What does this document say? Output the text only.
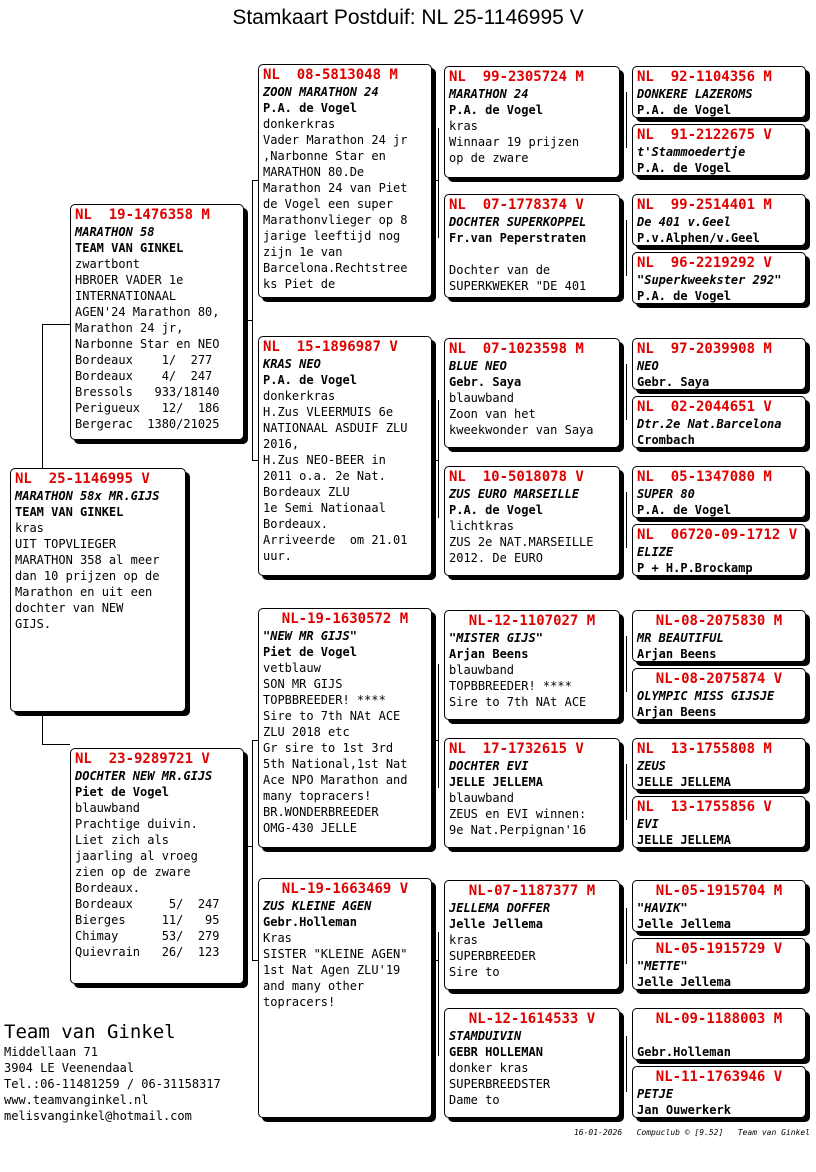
Stamkaart Postduif: NL 25-1146995 V
NL  25-1146995 V
MARATHON 58x MR.GIJS
TEAM VAN GINKEL
kras
UIT TOPVLIEGER
MARATHON 358 al meer
dan 10 prijzen op de
Marathon en uit een
dochter van NEW
GIJS.
NL  19-1476358 M
MARATHON 58
TEAM VAN GINKEL
zwartbont
HBROER VADER 1e
INTERNATIONAAL
AGEN'24 Marathon 80,
Marathon 24 jr,
Narbonne Star en NEO
Bordeaux    1/  277
Bordeaux    4/  247
Bressols   933/18140
Perigueux   12/  186
Bergerac  1380/21025
NL  23-9289721 V
DOCHTER NEW MR.GIJS
Piet de Vogel
blauwband
Prachtige duivin.
Liet zich als
jaarling al vroeg
zien op de zware
Bordeaux.
Bordeaux     5/  247
Bierges     11/   95
Chimay      53/  279
Quievrain   26/  123
NL  08-5813048 M
ZOON MARATHON 24
P.A. de Vogel
donkerkras
Vader Marathon 24 jr
,Narbonne Star en
MARATHON 80.De
Marathon 24 van Piet
de Vogel een super
Marathonvlieger op 8
jarige leeftijd nog
zijn 1e van
Barcelona.Rechtstree
ks Piet de
NL  15-1896987 V
KRAS NEO
P.A. de Vogel
donkerkras
H.Zus VLEERMUIS 6e
NATIONAAL ASDUIF ZLU
2016,
H.Zus NEO-BEER in
2011 o.a. 2e Nat.
Bordeaux ZLU
1e Semi Nationaal
Bordeaux.
Arriveerde  om 21.01
uur.
NL-19-1630572 M
"NEW MR GIJS"
Piet de Vogel
vetblauw
SON MR GIJS
TOPBBREEDER! ****
Sire to 7th NAt ACE
ZLU 2018 etc
Gr sire to 1st 3rd
5th National,1st Nat
Ace NPO Marathon and
many topracers!
BR.WONDERBREEDER
OMG-430 JELLE
NL-19-1663469 V
ZUS KLEINE AGEN
Gebr.Holleman
Kras
SISTER "KLEINE AGEN"
1st Nat Agen ZLU'19
and many other
topracers!
NL  99-2305724 M
MARATHON 24
P.A. de Vogel
kras
Winnaar 19 prijzen
op de zware
NL  07-1778374 V
DOCHTER SUPERKOPPEL
Fr.van Peperstraten
Dochter van de
SUPERKWEKER "DE 401
NL  07-1023598 M
BLUE NEO
Gebr. Saya
blauwband
Zoon van het
kweekwonder van Saya
NL  10-5018078 V
ZUS EURO MARSEILLE
P.A. de Vogel
lichtkras
ZUS 2e NAT.MARSEILLE
2012. De EURO
NL-12-1107027 M
"MISTER GIJS"
Arjan Beens
blauwband
TOPBBREEDER! ****
Sire to 7th NAt ACE
NL  17-1732615 V
DOCHTER EVI
JELLE JELLEMA
blauwband
ZEUS en EVI winnen:
9e Nat.Perpignan'16
NL-07-1187377 M
JELLEMA DOFFER
Jelle Jellema
kras
SUPERBREEDER
Sire to
NL-12-1614533 V
STAMDUIVIN
GEBR HOLLEMAN
donker kras
SUPERBREEDSTER
Dame to
NL  92-1104356 M
DONKERE LAZEROMS
P.A. de Vogel
NL  91-2122675 V
t'Stammoedertje
P.A. de Vogel
NL  99-2514401 M
De 401 v.Geel
P.v.Alphen/v.Geel
NL  96-2219292 V
"Superkweekster 292"
P.A. de Vogel
NL  97-2039908 M
NEO
Gebr. Saya
NL  02-2044651 V
Dtr.2e Nat.Barcelona
Crombach
NL  05-1347080 M
SUPER 80
P.A. de Vogel
NL  06720-09-1712 V
ELIZE
P + H.P.Brockamp
NL-08-2075830 M
MR BEAUTIFUL
Arjan Beens
NL-08-2075874 V
OLYMPIC MISS GIJSJE
Arjan Beens
NL  13-1755808 M
ZEUS
JELLE JELLEMA
NL  13-1755856 V
EVI
JELLE JELLEMA
NL-05-1915704 M
"HAVIK"
Jelle Jellema
NL-05-1915729 V
"METTE"
Jelle Jellema
NL-09-1188003 M
Gebr.Holleman
NL-11-1763946 V
PETJE
Jan Ouwerkerk
Team van Ginkel
Middellaan 71
3904 LE Veenendaal
Tel.:06-11481259 / 06-31158317
www.teamvanginkel.nl
melisvanginkel@hotmail.com
16-01-2026   Compuclub © [9.52]   Team van Ginkel
